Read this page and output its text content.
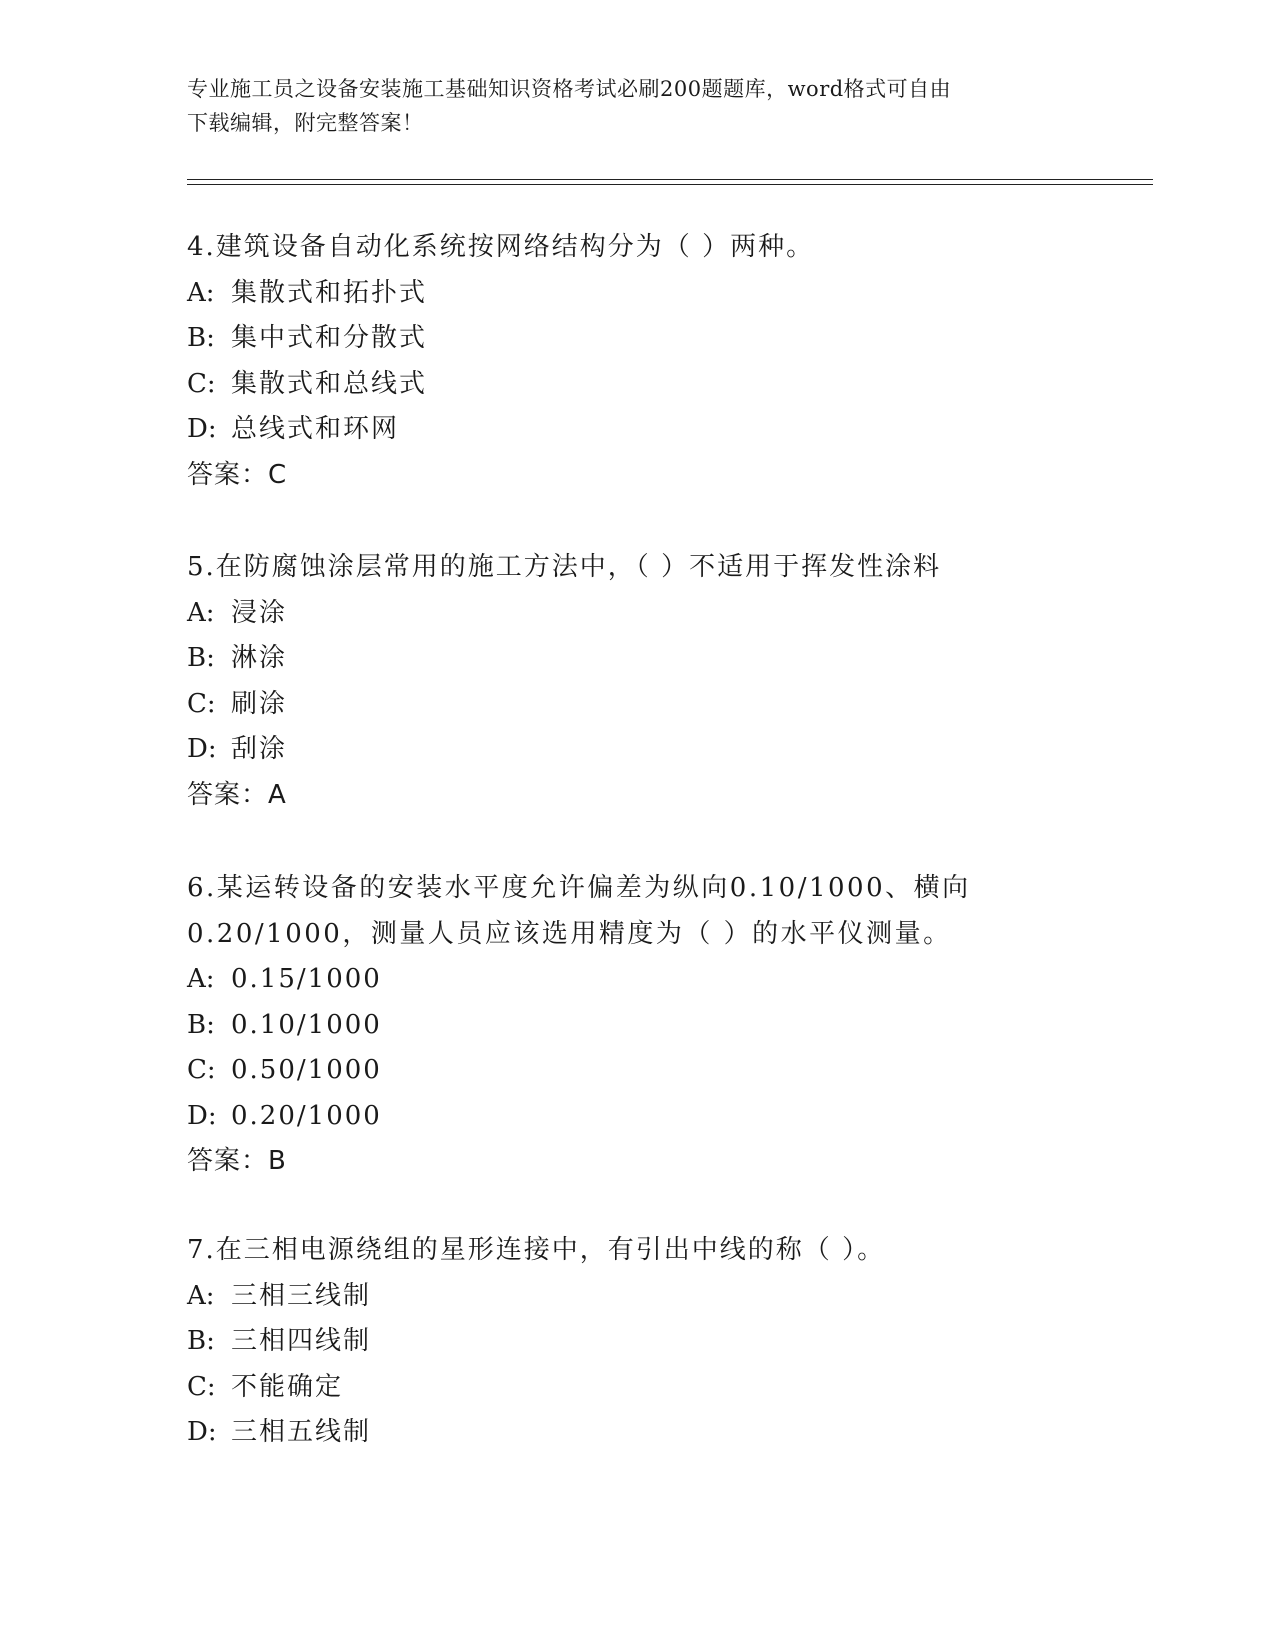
专业施工员之设备安装施工基础知识资格考试必刷200题题库，word格式可自由
下载编辑，附完整答案！
4.建筑设备自动化系统按网络结构分为（ ）两种。
A: 集散式和拓扑式
B: 集中式和分散式
C: 集散式和总线式
D: 总线式和环网
答案：C
5.在防腐蚀涂层常用的施工方法中，（ ）不适用于挥发性涂料
A: 浸涂
B: 淋涂
C: 刷涂
D: 刮涂
答案：A
6.某运转设备的安装水平度允许偏差为纵向0.10/1000、横向
0.20/1000，测量人员应该选用精度为（ ）的水平仪测量。
A: 0.15/1000
B: 0.10/1000
C: 0.50/1000
D: 0.20/1000
答案：B
7.在三相电源绕组的星形连接中，有引出中线的称（ ）。
A: 三相三线制
B: 三相四线制
C: 不能确定
D: 三相五线制
